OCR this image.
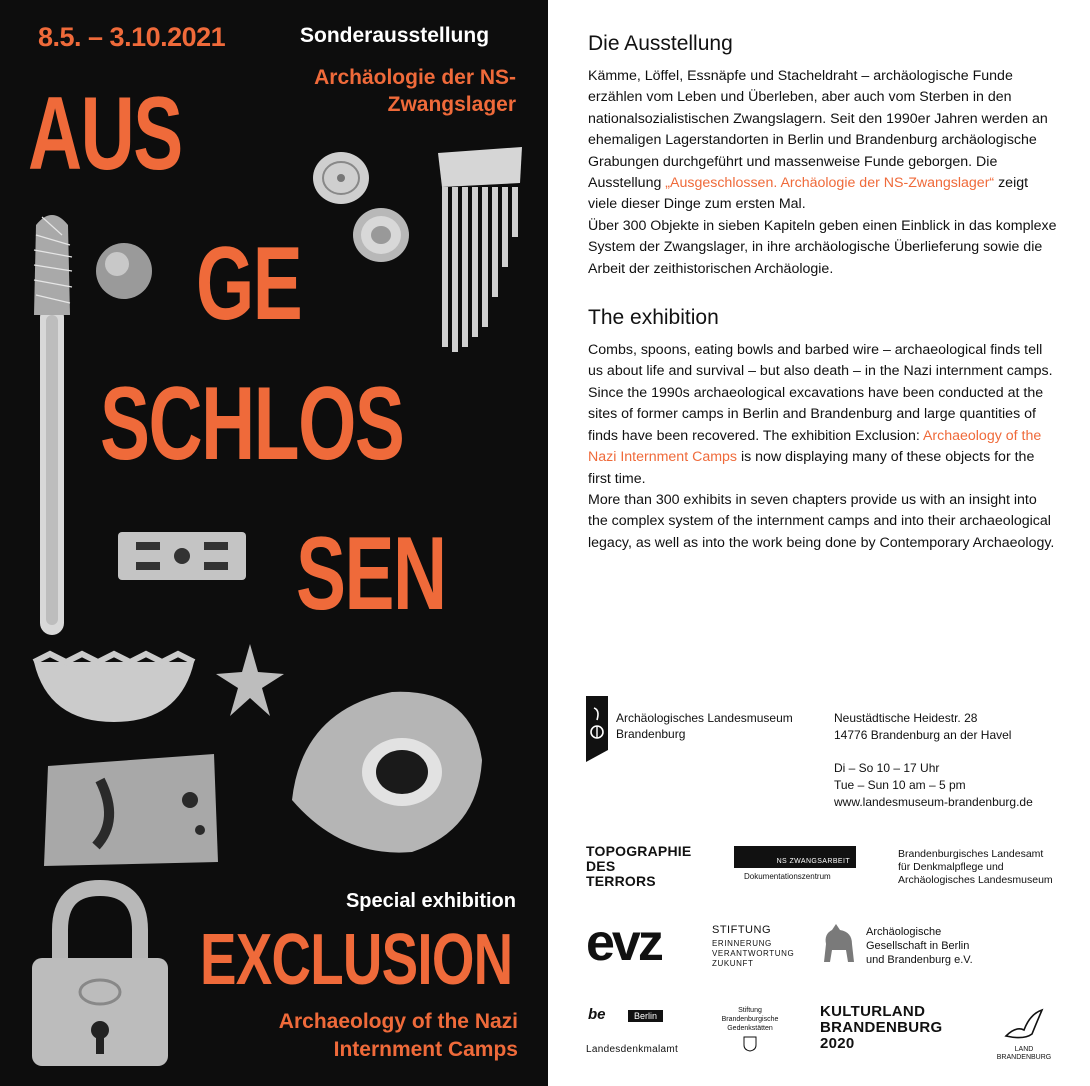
8.5. – 3.10.2021	Sonderausstellung
Archäologie der NS-Zwangslager
AUS
GE
SCHLOS
SEN
Special exhibition
EXCLUSION
Archaeology of the Nazi Internment Camps
Die Ausstellung

Kämme, Löffel, Essnäpfe und Stacheldraht – archäologische Funde erzählen vom Leben und Überleben, aber auch vom Sterben in den nationalsozialistischen Zwangslagern. Seit den 1990er Jahren werden an ehemaligen Lagerstandorten in Berlin und Brandenburg archäologische Grabungen durchgeführt und massenweise Funde geborgen. Die Ausstellung „Ausgeschlossen. Archäologie der NS-Zwangslager“ zeigt viele dieser Dinge zum ersten Mal.

Über 300 Objekte in sieben Kapiteln geben einen Einblick in das komplexe System der Zwangslager, in ihre archäologische Überlieferung sowie die Arbeit der zeithistorischen Archäologie.

The exhibition

Combs, spoons, eating bowls and barbed wire – archaeological finds tell us about life and survival – but also death – in the Nazi internment camps.

Since the 1990s archaeological excavations have been conducted at the sites of former camps in Berlin and Brandenburg and large quantities of finds have been recovered. The exhibition Exclusion: Archaeology of the Nazi Internment Camps is now displaying many of these objects for the first time.

More than 300 exhibits in seven chapters provide us with an insight into the complex system of the internment camps and into their archaeological legacy, as well as into the work being done by Contemporary Archaeology.

Archäologisches Landesmuseum Brandenburg
Neustädtische Heidestr. 28
14776 Brandenburg an der Havel
Di – So 10 – 17 Uhr
Tue – Sun 10 am – 5 pm
www.landesmuseum-brandenburg.de
TOPOGRAPHIE
DES
TERRORS
NS ZWANGSARBEIT
Dokumentationszentrum
Brandenburgisches Landesamt
für Denkmalpflege und
Archäologisches Landesmuseum
evz	STIFTUNG
ERINNERUNG
VERANTWORTUNG
ZUKUNFT
Archäologische
Gesellschaft in Berlin
und Brandenburg e.V.
be	Berlin
Landesdenkmalamt
Stiftung
Brandenburgische
Gedenkstätten
KULTURLAND
BRANDENBURG
2020	LAND
BRANDENBURG
